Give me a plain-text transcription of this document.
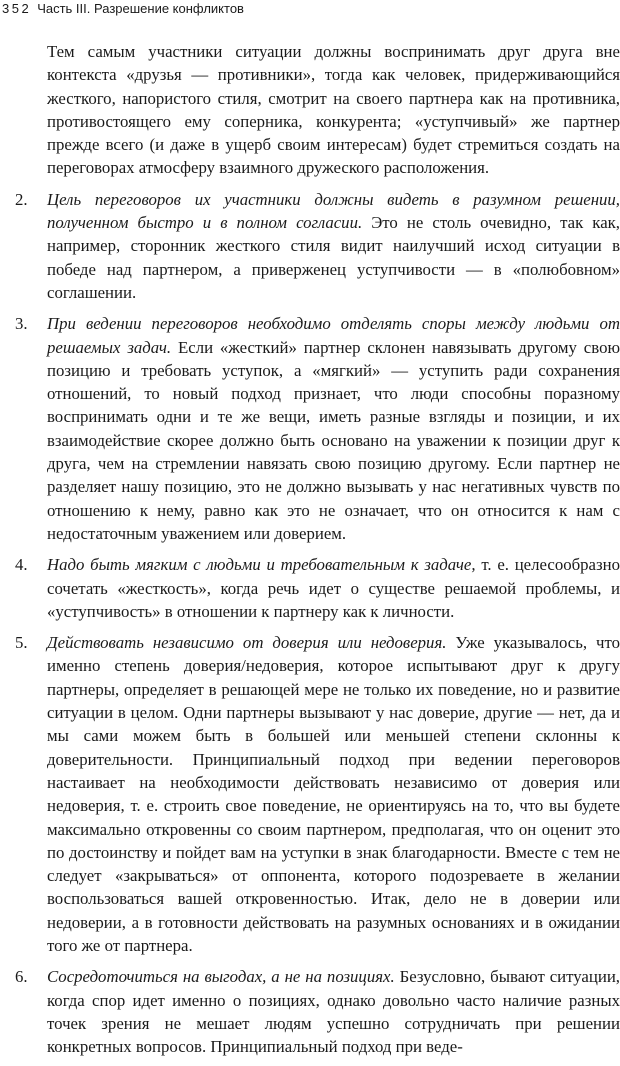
352 Часть III. Разрешение конфликтов

Тем самым участники ситуации должны воспринимать друг друга вне контекста «друзья — противники», тогда как человек, придерживающийся жесткого, напористого стиля, смотрит на своего партнера как на противника, противостоящего ему соперника, конкурента; «уступчивый» же партнер прежде всего (и даже в ущерб своим интересам) будет стремиться создать на переговорах атмосферу взаимного дружеского расположения.

2.	Цель переговоров их участники должны видеть в разумном решении, полученном быстро и в полном согласии. Это не столь очевидно, так как, например, сторонник жесткого стиля видит наилучший исход ситуации в победе над партнером, а приверженец уступчивости — в «полюбовном» соглашении.
3.	При ведении переговоров необходимо отделять споры между людьми от решаемых задач. Если «жесткий» партнер склонен навязывать другому свою позицию и требовать уступок, а «мягкий» — уступить ради сохранения отношений, то новый подход признает, что люди способны поразному воспринимать одни и те же вещи, иметь разные взгляды и позиции, и их взаимодействие скорее должно быть основано на уважении к позиции друг к друга, чем на стремлении навязать свою позицию другому. Если партнер не разделяет нашу позицию, это не должно вызывать у нас негативных чувств по отношению к нему, равно как это не означает, что он относится к нам с недостаточным уважением или доверием.
4.	Надо быть мягким с людьми и требовательным к задаче, т. е. целесообразно сочетать «жесткость», когда речь идет о существе решаемой проблемы, и «уступчивость» в отношении к партнеру как к личности.
5.	Действовать независимо от доверия или недоверия. Уже указывалось, что именно степень доверия/недоверия, которое испытывают друг к другу партнеры, определяет в решающей мере не только их поведение, но и развитие ситуации в целом. Одни партнеры вызывают у нас доверие, другие — нет, да и мы сами можем быть в большей или меньшей степени склонны к доверительности. Принципиальный подход при ведении переговоров настаивает на необходимости действовать независимо от доверия или недоверия, т. е. строить свое поведение, не ориентируясь на то, что вы будете максимально откровенны со своим партнером, предполагая, что он оценит это по достоинству и пойдет вам на уступки в знак благодарности. Вместе с тем не следует «закрываться» от оппонента, которого подозреваете в желании воспользоваться вашей откровенностью. Итак, дело не в доверии или недоверии, а в готовности действовать на разумных основаниях и в ожидании того же от партнера.
6.	Сосредоточиться на выгодах, а не на позициях. Безусловно, бывают ситуации, когда спор идет именно о позициях, однако довольно часто наличие разных точек зрения не мешает людям успешно сотрудничать при решении конкретных вопросов. Принципиальный подход при веде-
